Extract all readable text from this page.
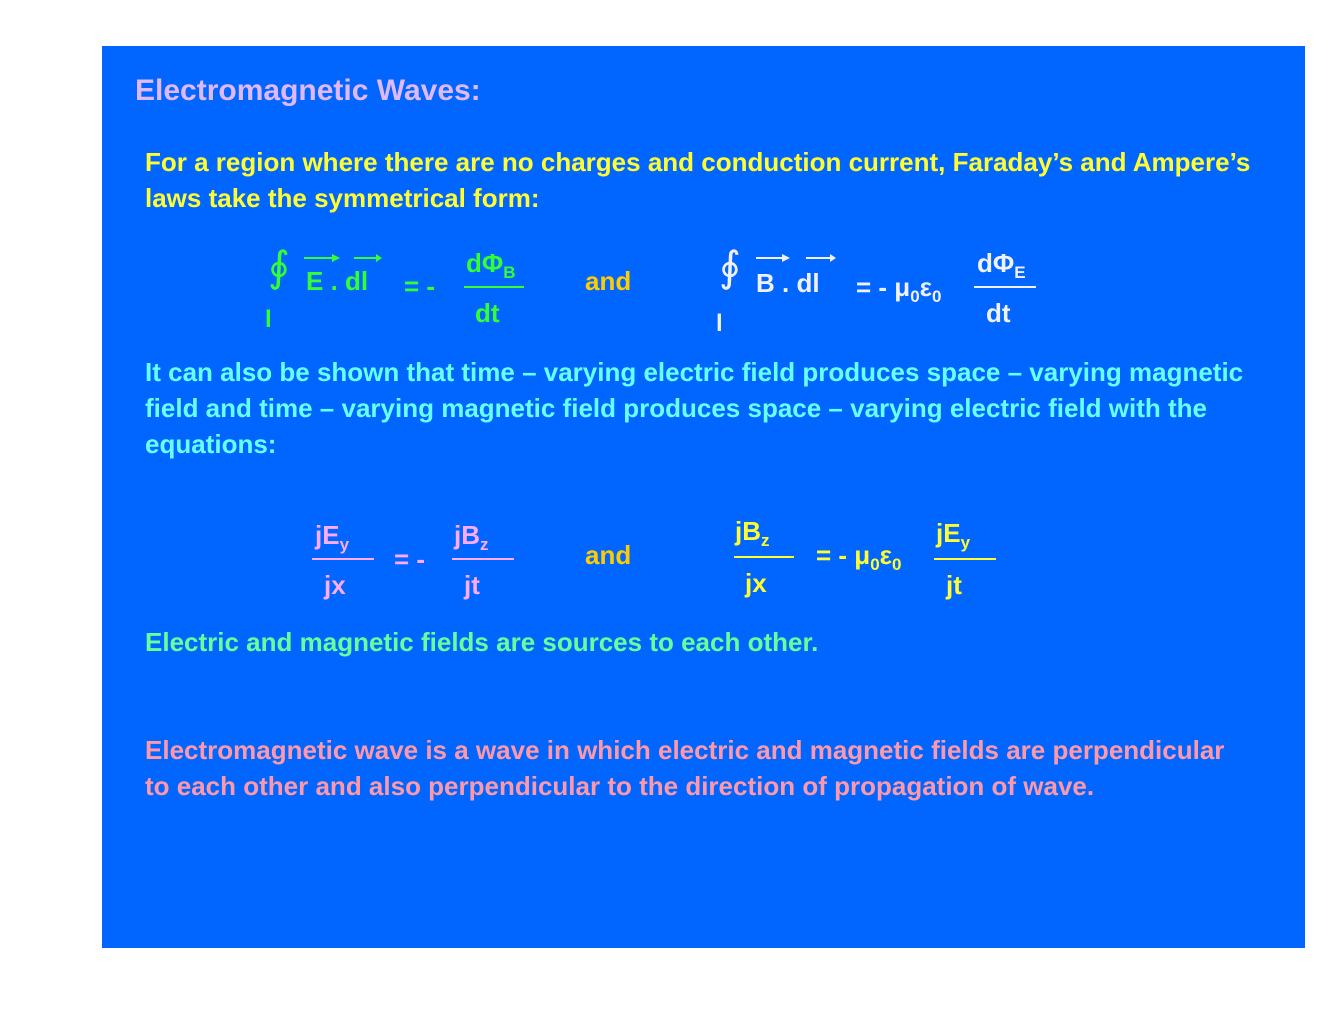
Electromagnetic Waves:
For a region where there are no charges and conduction current, Faraday’s and Ampere’s laws take the symmetrical form:
∮ E . dl
l
= -
$d\Phi_B$
dt
and ∮ B . dl
l
= - $\mu_0\varepsilon_0$
$d\Phi_E$
dt
It can also be shown that time – varying electric field produces space – varying magnetic field and time – varying magnetic field produces space – varying electric field with the equations:
$jE_y$
jx
= -
$jB_z$
jt
and
$jB_z$
jx
= - $\mu_0\varepsilon_0$
$jE_y$
jt
Electric and magnetic fields are sources to each other.
Electromagnetic wave is a wave in which electric and magnetic fields are perpendicular to each other and also perpendicular to the direction of propagation of wave.
